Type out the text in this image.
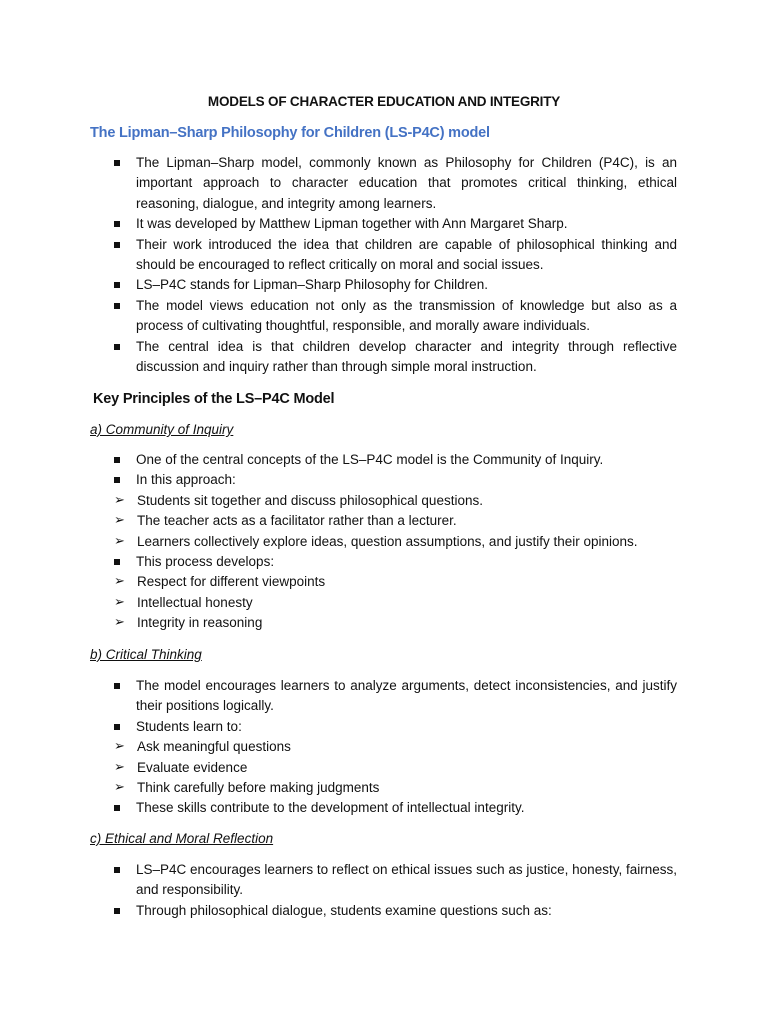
MODELS OF CHARACTER EDUCATION AND INTEGRITY
The Lipman–Sharp Philosophy for Children (LS-P4C) model
The Lipman–Sharp model, commonly known as Philosophy for Children (P4C), is an important approach to character education that promotes critical thinking, ethical reasoning, dialogue, and integrity among learners.
It was developed by Matthew Lipman together with Ann Margaret Sharp.
Their work introduced the idea that children are capable of philosophical thinking and should be encouraged to reflect critically on moral and social issues.
LS–P4C stands for Lipman–Sharp Philosophy for Children.
The model views education not only as the transmission of knowledge but also as a process of cultivating thoughtful, responsible, and morally aware individuals.
The central idea is that children develop character and integrity through reflective discussion and inquiry rather than through simple moral instruction.
Key Principles of the LS–P4C Model
a) Community of Inquiry
One of the central concepts of the LS–P4C model is the Community of Inquiry.
In this approach:
➢ Students sit together and discuss philosophical questions.
➢ The teacher acts as a facilitator rather than a lecturer.
➢ Learners collectively explore ideas, question assumptions, and justify their opinions.
This process develops:
➢ Respect for different viewpoints
➢ Intellectual honesty
➢ Integrity in reasoning
b) Critical Thinking
The model encourages learners to analyze arguments, detect inconsistencies, and justify their positions logically.
Students learn to:
➢ Ask meaningful questions
➢ Evaluate evidence
➢ Think carefully before making judgments
These skills contribute to the development of intellectual integrity.
c) Ethical and Moral Reflection
LS–P4C encourages learners to reflect on ethical issues such as justice, honesty, fairness, and responsibility.
Through philosophical dialogue, students examine questions such as:
